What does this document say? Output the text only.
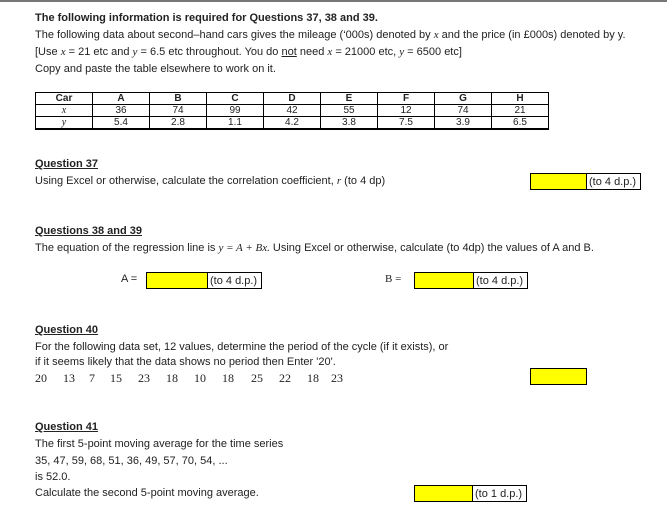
The following information is required for Questions 37, 38 and 39.
The following data about second–hand cars gives the mileage (‘000s) denoted by x and the price (in £000s) denoted by y.
[Use x = 21 etc and y = 6.5 etc throughout. You do not need x = 21000 etc, y = 6500 etc]
Copy and paste the table elsewhere to work on it.
Car	A	B	C	D	E	F	G	H
x	36	74	99	42	55	12	74	21
y	5.4	2.8	1.1	4.2	3.8	7.5	3.9	6.5
Question 37
Using Excel or otherwise, calculate the correlation coefficient, r (to 4 dp)	(to 4 d.p.)
Questions 38 and 39
The equation of the regression line is y = A + Bx. Using Excel or otherwise, calculate (to 4dp) the values of A and B.
A =	(to 4 d.p.)	B =	(to 4 d.p.)
Question 40
For the following data set, 12 values, determine the period of the cycle (if it exists), or
if it seems likely that the data shows no period then Enter '20'.
20 13 7 15 23 18 10 18 25 22 18 23
Question 41
The first 5-point moving average for the time series
35, 47, 59, 68, 51, 36, 49, 57, 70, 54, ...
is 52.0.
Calculate the second 5-point moving average.	(to 1 d.p.)
